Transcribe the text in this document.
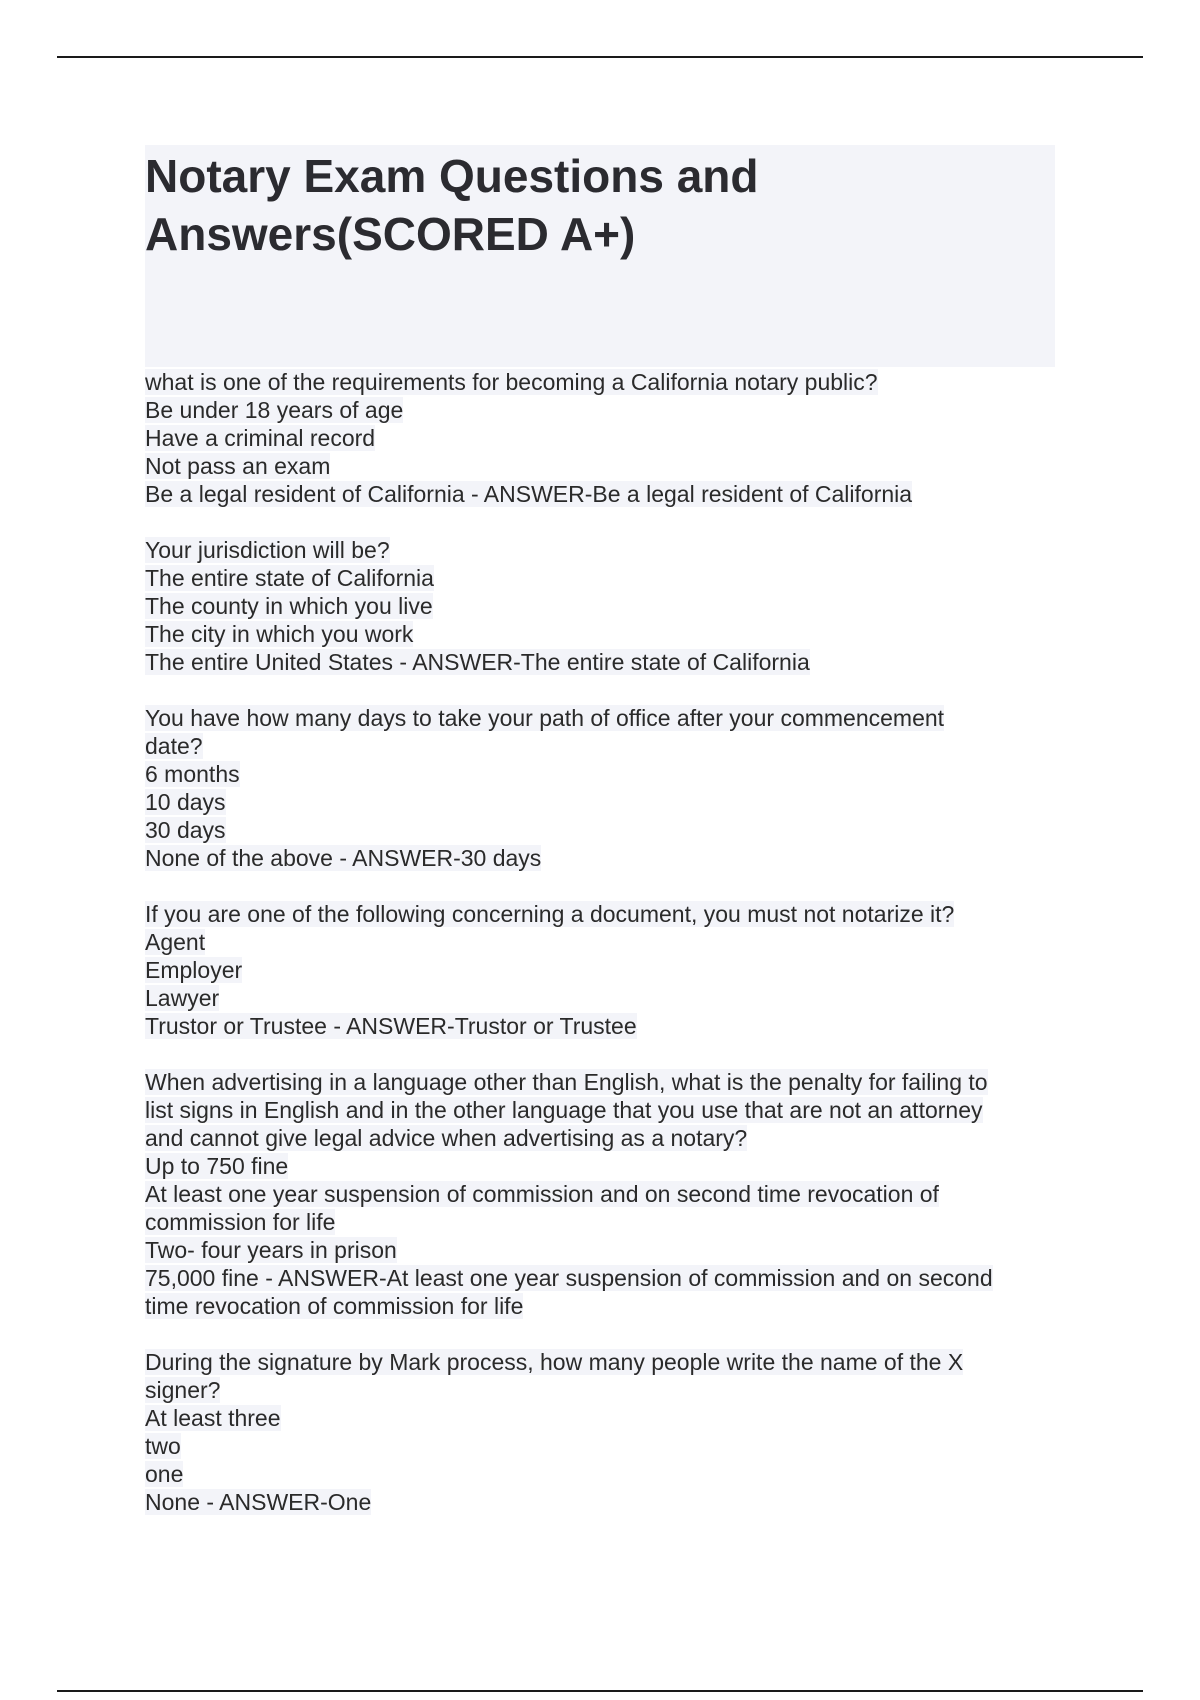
Notary Exam Questions and Answers(SCORED A+)
what is one of the requirements for becoming a California notary public?
Be under 18 years of age
Have a criminal record
Not pass an exam
Be a legal resident of California - ANSWER-Be a legal resident of California
Your jurisdiction will be?
The entire state of California
The county in which you live
The city in which you work
The entire United States - ANSWER-The entire state of California
You have how many days to take your path of office after your commencement
date?
6 months
10 days
30 days
None of the above - ANSWER-30 days
If you are one of the following concerning a document, you must not notarize it?
Agent
Employer
Lawyer
Trustor or Trustee - ANSWER-Trustor or Trustee
When advertising in a language other than English, what is the penalty for failing to
list signs in English and in the other language that you use that are not an attorney
and cannot give legal advice when advertising as a notary?
Up to 750 fine
At least one year suspension of commission and on second time revocation of
commission for life
Two- four years in prison
75,000 fine - ANSWER-At least one year suspension of commission and on second
time revocation of commission for life
During the signature by Mark process, how many people write the name of the X
signer?
At least three
two
one
None - ANSWER-One
